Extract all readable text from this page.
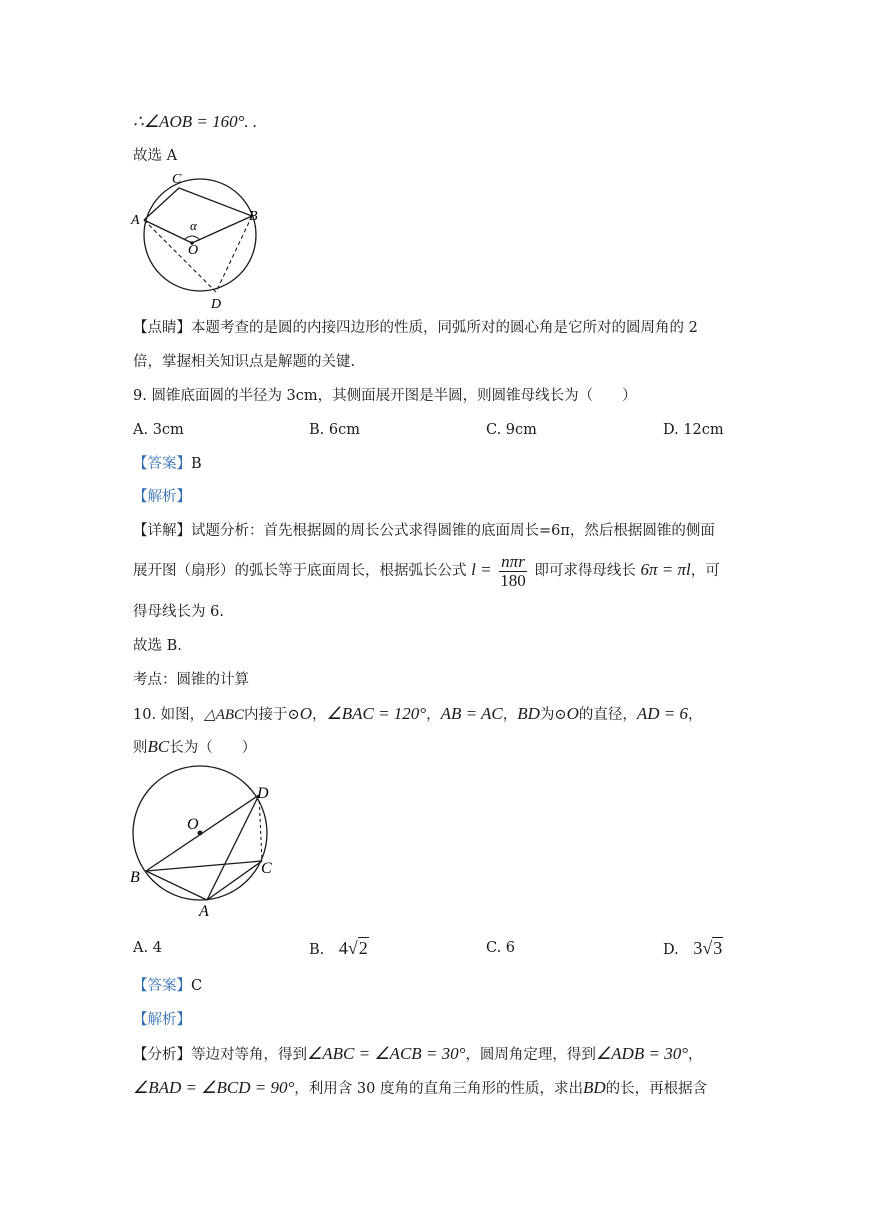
∴∠AOB = 160°. .
故选 A
C
A	B
α
O
D
【点睛】本题考查的是圆的内接四边形的性质，同弧所对的圆心角是它所对的圆周角的 2
倍，掌握相关知识点是解题的关键.
9. 圆锥底面圆的半径为 3cm，其侧面展开图是半圆，则圆锥母线长为（　　）
A. 3cm	B. 6cm	C. 9cm	D. 12cm
【答案】B
【解析】
【详解】试题分析：首先根据圆的周长公式求得圆锥的底面周长=6π，然后根据圆锥的侧面
展开图（扇形）的弧长等于底面周长，根据弧长公式 $l = \frac{\text{nπr}}{180}$ 即可求得母线长 6π = πl，可
得母线长为 6.
故选 B.
考点：圆锥的计算
10. 如图，△ABC内接于⊙O，∠BAC = 120°，AB = AC，BD为⊙O的直径，AD = 6，
则BC长为（　　）
O
D
B
C
A
A. 4	B. 4√2	C. 6	D. 3√3
【答案】C
【解析】
【分析】等边对等角，得到∠ABC = ∠ACB = 30°，圆周角定理，得到∠ADB = 30°，
∠BAD = ∠BCD = 90°，利用含 30 度角的直角三角形的性质，求出BD的长，再根据含
